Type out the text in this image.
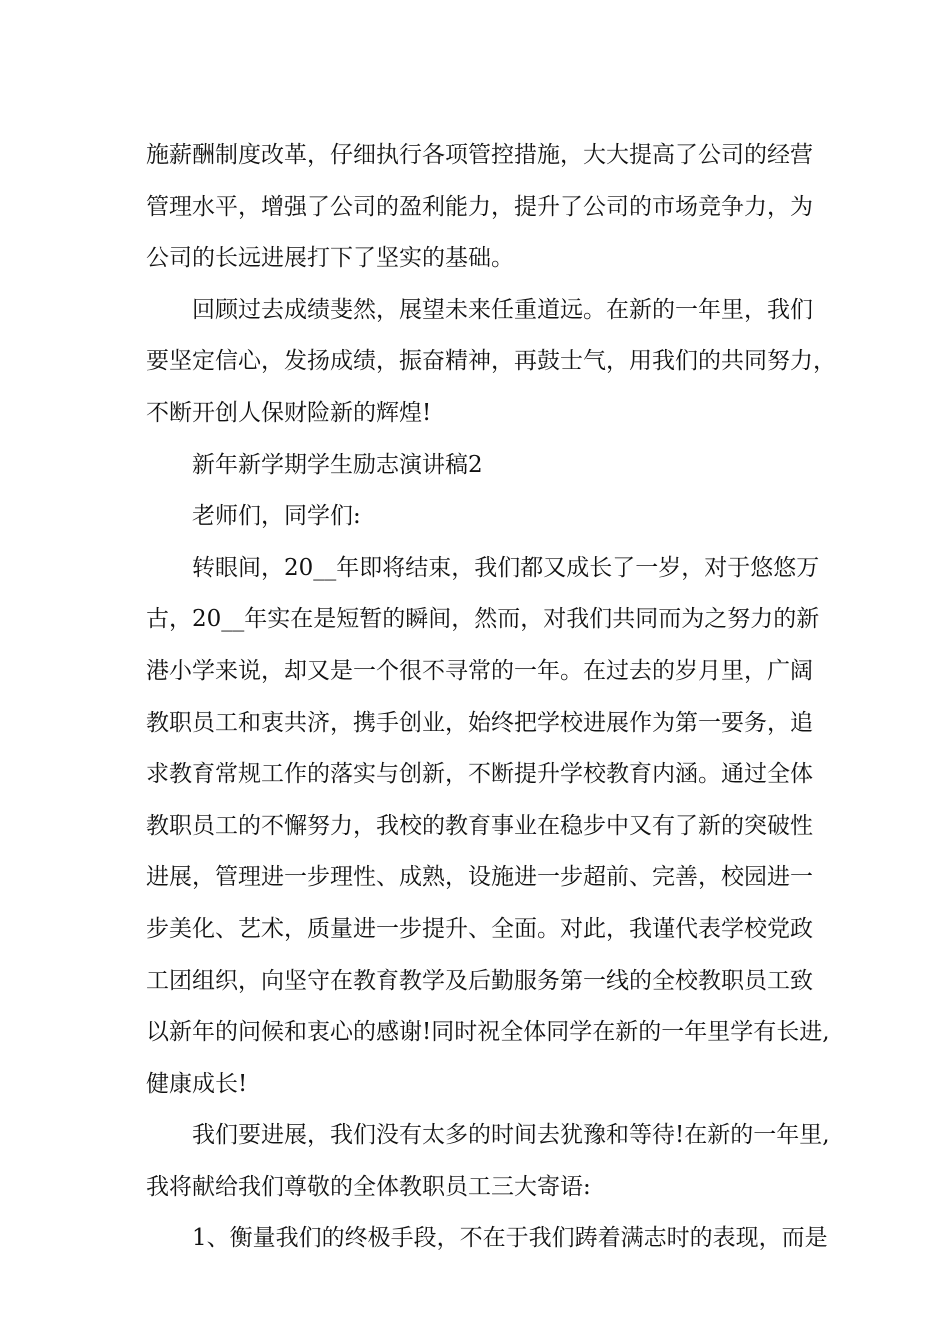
施薪酬制度改革，仔细执行各项管控措施，大大提高了公司的经营
管理水平，增强了公司的盈利能力，提升了公司的市场竞争力，为
公司的长远进展打下了坚实的基础。
回顾过去成绩斐然，展望未来任重道远。在新的一年里，我们
要坚定信心，发扬成绩，振奋精神，再鼓士气，用我们的共同努力，
不断开创人保财险新的辉煌!
新年新学期学生励志演讲稿2
老师们，同学们:
转眼间，20__年即将结束，我们都又成长了一岁，对于悠悠万
古，20__年实在是短暂的瞬间，然而，对我们共同而为之努力的新
港小学来说，却又是一个很不寻常的一年。在过去的岁月里，广阔
教职员工和衷共济，携手创业，始终把学校进展作为第一要务，追
求教育常规工作的落实与创新，不断提升学校教育内涵。通过全体
教职员工的不懈努力，我校的教育事业在稳步中又有了新的突破性
进展，管理进一步理性、成熟，设施进一步超前、完善，校园进一
步美化、艺术，质量进一步提升、全面。对此，我谨代表学校党政
工团组织，向坚守在教育教学及后勤服务第一线的全校教职员工致
以新年的问候和衷心的感谢!同时祝全体同学在新的一年里学有长进,
健康成长!
我们要进展，我们没有太多的时间去犹豫和等待!在新的一年里,
我将献给我们尊敬的全体教职员工三大寄语:
1、衡量我们的终极手段，不在于我们踌着满志时的表现，而是
